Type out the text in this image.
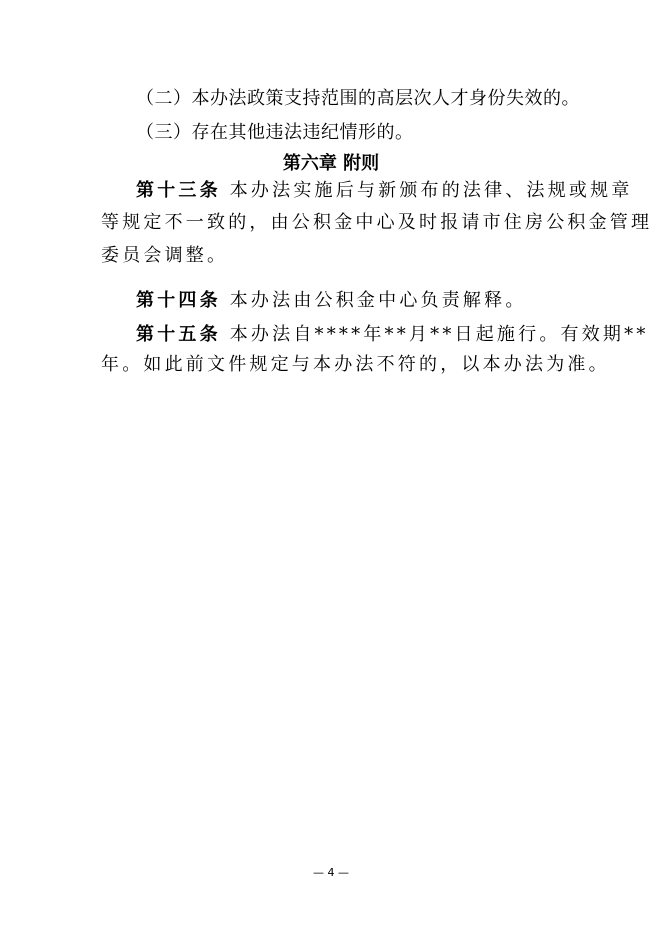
（二）本办法政策支持范围的高层次人才身份失效的。
（三）存在其他违法违纪情形的。
第六章 附则
第十三条 本办法实施后与新颁布的法律、法规或规章
等规定不一致的，由公积金中心及时报请市住房公积金管理
委员会调整。
第十四条 本办法由公积金中心负责解释。
第十五条 本办法自****年**月**日起施行。有效期**
年。如此前文件规定与本办法不符的，以本办法为准。
— 4 —
